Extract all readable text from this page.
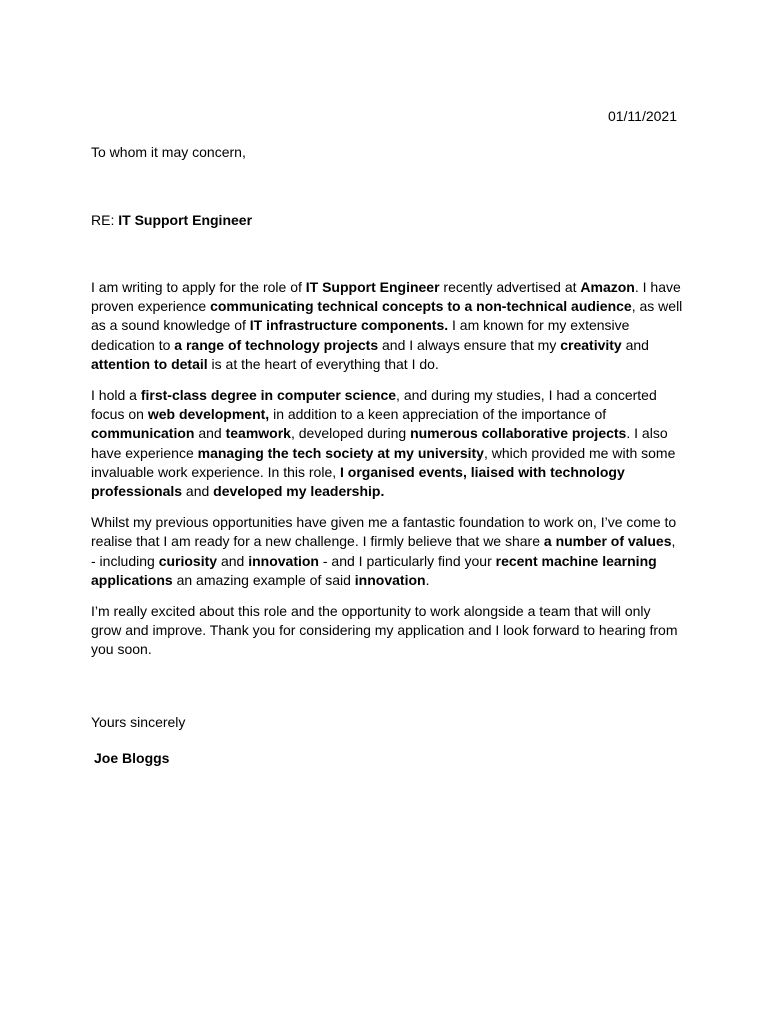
01/11/2021
To whom it may concern,
RE: IT Support Engineer

I am writing to apply for the role of IT Support Engineer recently advertised at Amazon. I have proven experience communicating technical concepts to a non-technical audience, as well as a sound knowledge of IT infrastructure components. I am known for my extensive dedication to a range of technology projects and I always ensure that my creativity and attention to detail is at the heart of everything that I do.

I hold a first-class degree in computer science, and during my studies, I had a concerted focus on web development, in addition to a keen appreciation of the importance of communication and teamwork, developed during numerous collaborative projects. I also have experience managing the tech society at my university, which provided me with some invaluable work experience. In this role, I organised events, liaised with technology professionals and developed my leadership.

Whilst my previous opportunities have given me a fantastic foundation to work on, I’ve come to realise that I am ready for a new challenge. I firmly believe that we share a number of values, - including curiosity and innovation - and I particularly find your recent machine learning applications an amazing example of said innovation.

I’m really excited about this role and the opportunity to work alongside a team that will only grow and improve. Thank you for considering my application and I look forward to hearing from you soon.

Yours sincerely
Joe Bloggs
